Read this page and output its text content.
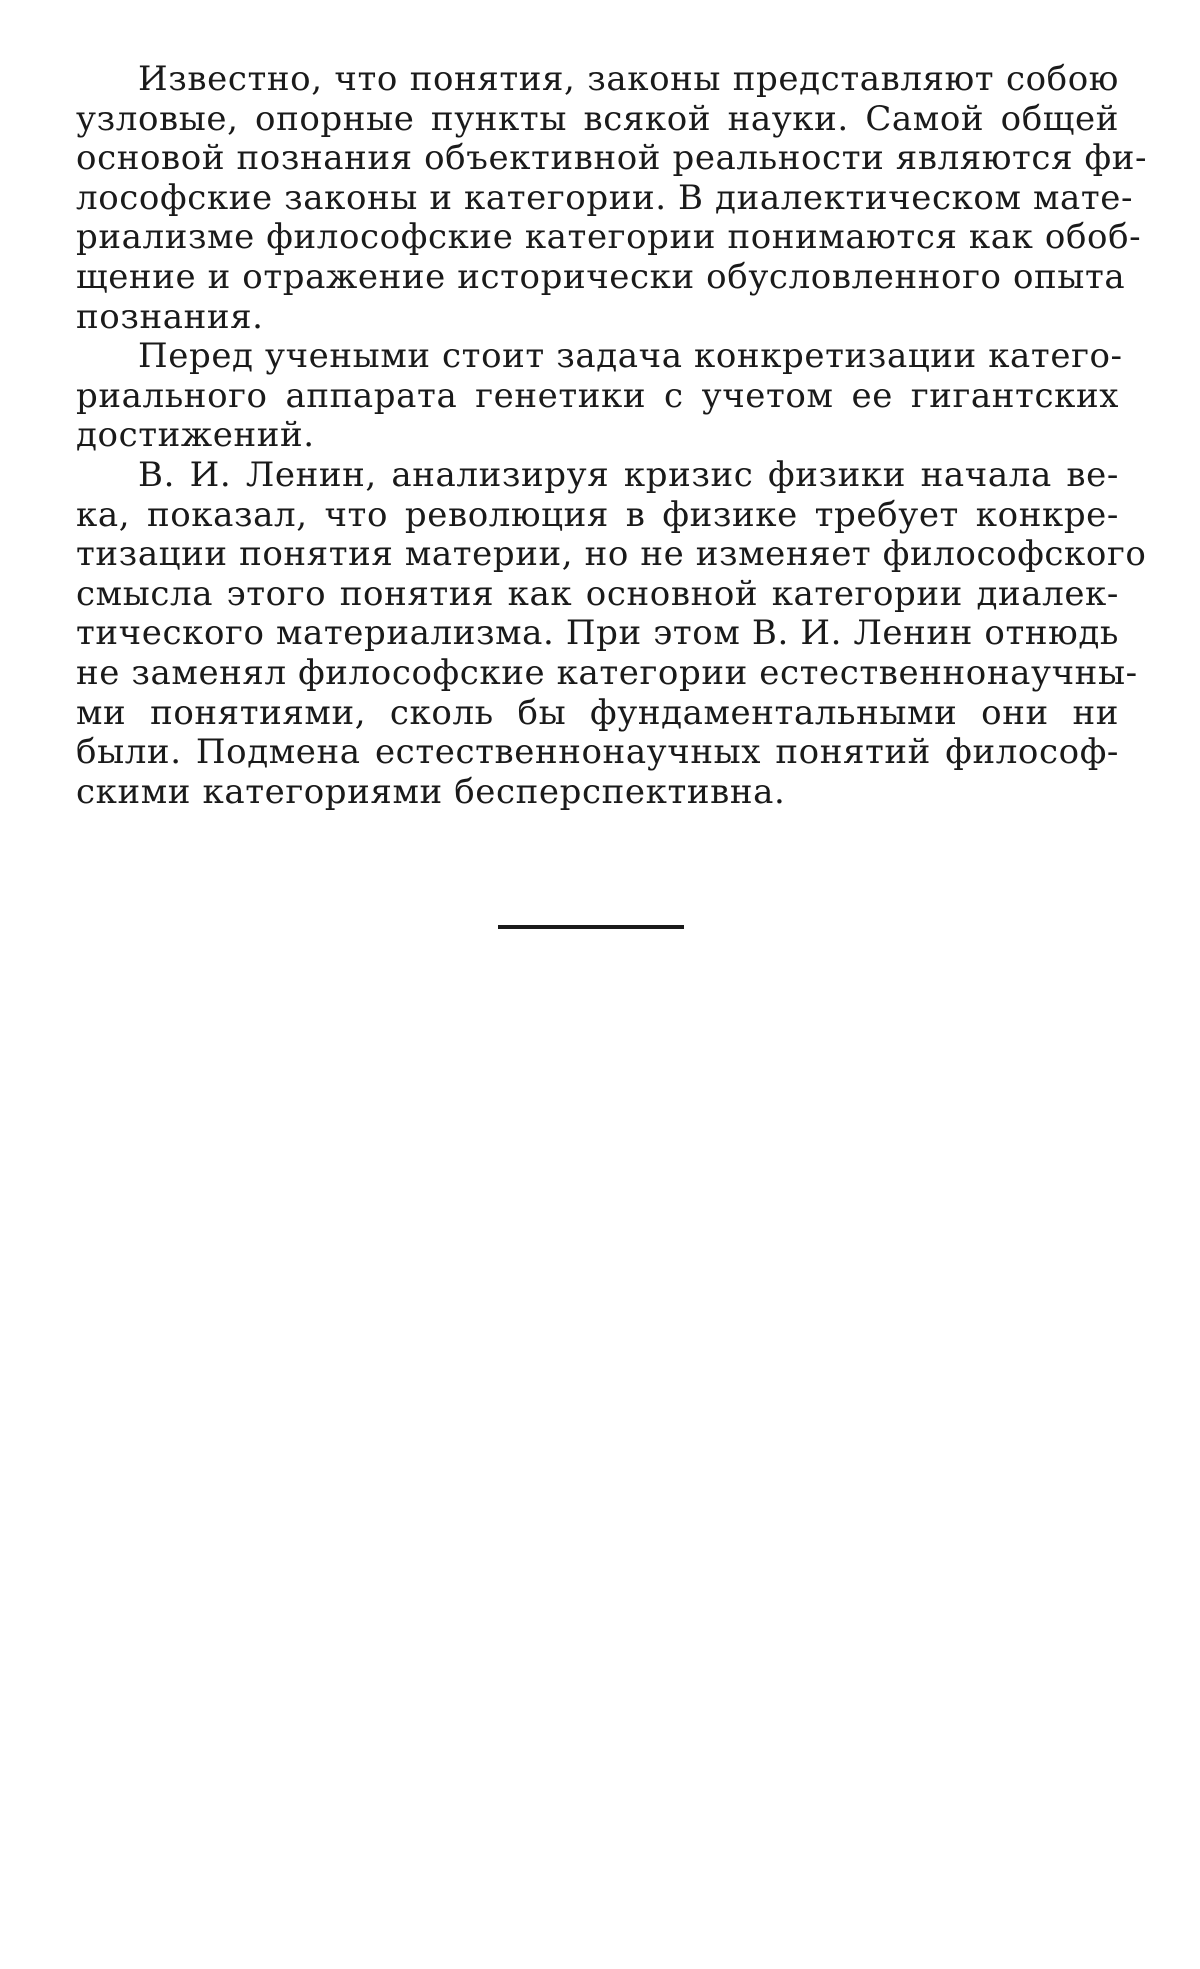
Известно, что понятия, законы представляют собою
узловые, опорные пункты всякой науки. Самой общей
основой познания объективной реальности являются фи-
лософские законы и категории. В диалектическом мате-
риализме философские категории понимаются как обоб-
щение и отражение исторически обусловленного опыта
познания.
Перед учеными стоит задача конкретизации катего-
риального аппарата генетики с учетом ее гигантских
достижений.
В. И. Ленин, анализируя кризис физики начала ве-
ка, показал, что революция в физике требует конкре-
тизации понятия материи, но не изменяет философского
смысла этого понятия как основной категории диалек-
тического материализма. При этом В. И. Ленин отнюдь
не заменял философские категории естественнонаучны-
ми понятиями, сколь бы фундаментальными они ни
были. Подмена естественнонаучных понятий философ-
скими категориями бесперспективна.
